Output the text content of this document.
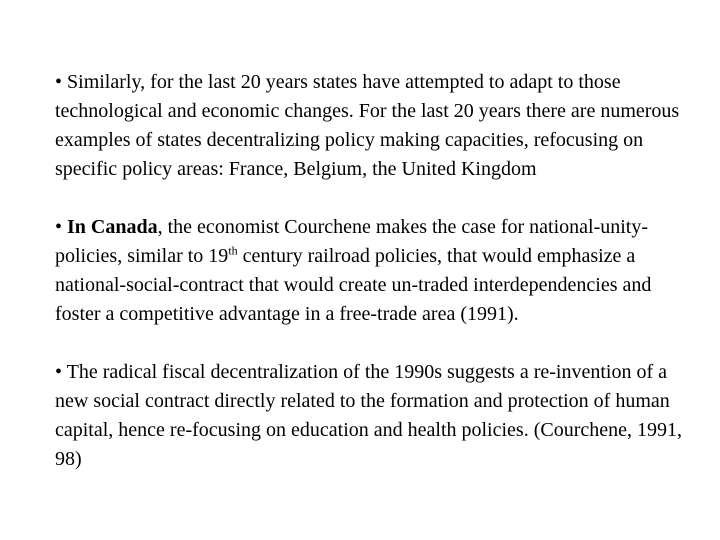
• Similarly, for the last 20 years states have attempted to adapt to those technological and economic changes. For the last 20 years there are numerous examples of states decentralizing policy making capacities, refocusing on specific policy areas: France, Belgium, the United Kingdom
• In Canada, the economist Courchene makes the case for national-unity-policies, similar to 19th century railroad policies, that would emphasize a national-social-contract that would create un-traded interdependencies and foster a competitive advantage in a free-trade area (1991).
• The radical fiscal decentralization of the 1990s suggests a re-invention of a new social contract directly related to the formation and protection of human capital, hence re-focusing on education and health policies. (Courchene, 1991, 98)
